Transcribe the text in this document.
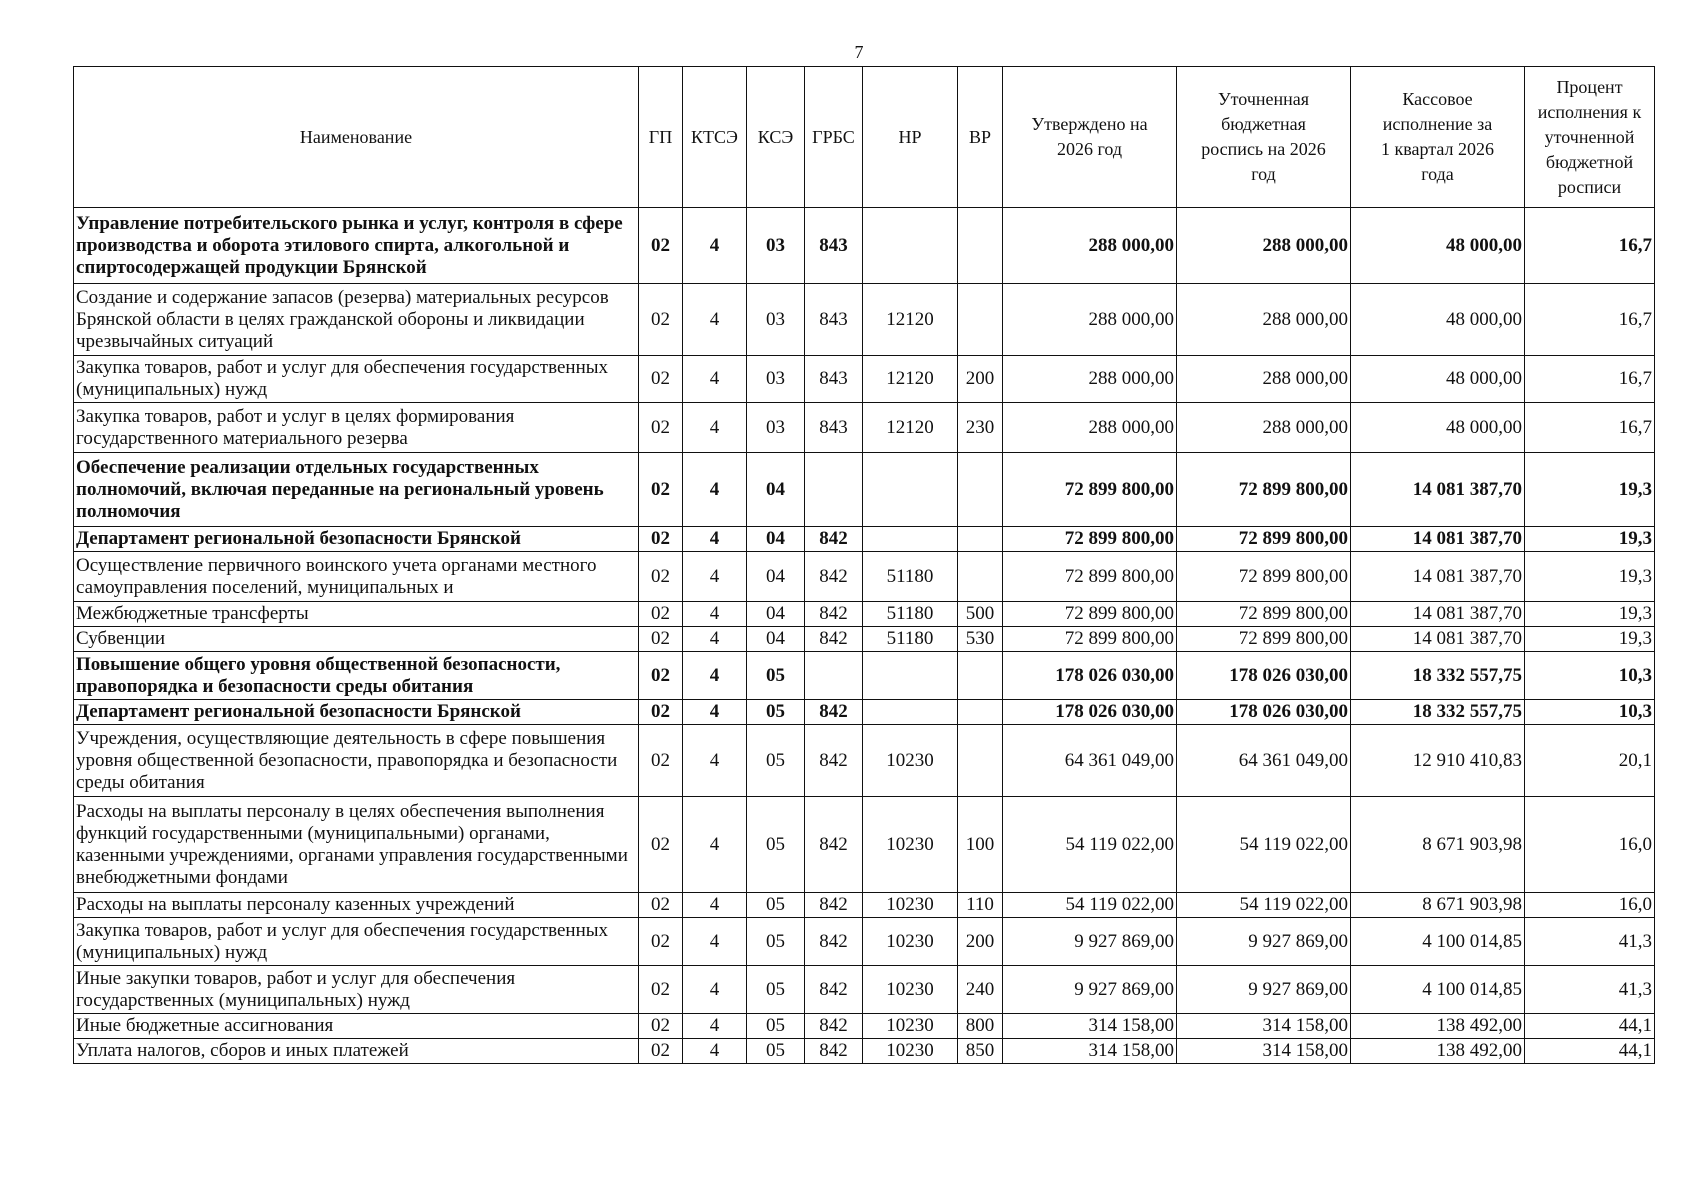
7
Наименование	ГП	КТСЭ	КСЭ	ГРБС	НР	ВР	Утверждено на 2026 год	Уточненная бюджетная роспись на 2026 год	Кассовое исполнение за 1 квартал 2026 года	Процент исполнения к уточненной бюджетной росписи
Управление потребительского рынка и услуг, контроля в сфере производства и оборота этилового спирта, алкогольной и спиртосодержащей продукции Брянской	02	4	03	843			288 000,00	288 000,00	48 000,00	16,7
Создание и содержание запасов (резерва) материальных ресурсов Брянской области в целях гражданской обороны и ликвидации чрезвычайных ситуаций	02	4	03	843	12120		288 000,00	288 000,00	48 000,00	16,7
Закупка товаров, работ и услуг для обеспечения государственных (муниципальных) нужд	02	4	03	843	12120	200	288 000,00	288 000,00	48 000,00	16,7
Закупка товаров, работ и услуг в целях формирования государственного материального резерва	02	4	03	843	12120	230	288 000,00	288 000,00	48 000,00	16,7
Обеспечение реализации отдельных государственных полномочий, включая переданные на региональный уровень полномочия	02	4	04				72 899 800,00	72 899 800,00	14 081 387,70	19,3
Департамент региональной безопасности Брянской	02	4	04	842			72 899 800,00	72 899 800,00	14 081 387,70	19,3
Осуществление первичного воинского учета органами местного самоуправления поселений, муниципальных и	02	4	04	842	51180		72 899 800,00	72 899 800,00	14 081 387,70	19,3
Межбюджетные трансферты	02	4	04	842	51180	500	72 899 800,00	72 899 800,00	14 081 387,70	19,3
Субвенции	02	4	04	842	51180	530	72 899 800,00	72 899 800,00	14 081 387,70	19,3
Повышение общего уровня общественной безопасности, правопорядка и безопасности среды обитания	02	4	05				178 026 030,00	178 026 030,00	18 332 557,75	10,3
Департамент региональной безопасности Брянской	02	4	05	842			178 026 030,00	178 026 030,00	18 332 557,75	10,3
Учреждения, осуществляющие деятельность в сфере повышения уровня общественной безопасности, правопорядка и безопасности среды обитания	02	4	05	842	10230		64 361 049,00	64 361 049,00	12 910 410,83	20,1
Расходы на выплаты персоналу в целях обеспечения выполнения функций государственными (муниципальными) органами, казенными учреждениями, органами управления государственными внебюджетными фондами	02	4	05	842	10230	100	54 119 022,00	54 119 022,00	8 671 903,98	16,0
Расходы на выплаты персоналу казенных учреждений	02	4	05	842	10230	110	54 119 022,00	54 119 022,00	8 671 903,98	16,0
Закупка товаров, работ и услуг для обеспечения государственных (муниципальных) нужд	02	4	05	842	10230	200	9 927 869,00	9 927 869,00	4 100 014,85	41,3
Иные закупки товаров, работ и услуг для обеспечения государственных (муниципальных) нужд	02	4	05	842	10230	240	9 927 869,00	9 927 869,00	4 100 014,85	41,3
Иные бюджетные ассигнования	02	4	05	842	10230	800	314 158,00	314 158,00	138 492,00	44,1
Уплата налогов, сборов и иных платежей	02	4	05	842	10230	850	314 158,00	314 158,00	138 492,00	44,1
